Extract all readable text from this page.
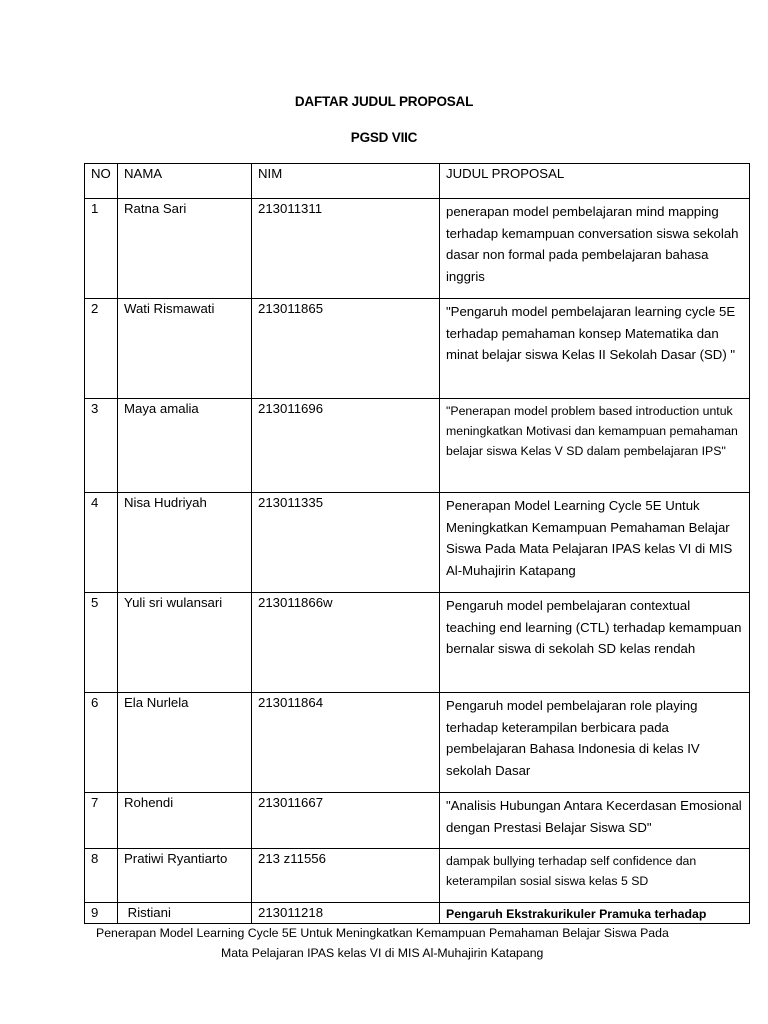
DAFTAR JUDUL PROPOSAL
PGSD VIIC
NO	NAMA	NIM	JUDUL PROPOSAL
1	Ratna Sari	213011311	penerapan model pembelajaran mind mapping terhadap kemampuan conversation siswa sekolah dasar non formal pada pembelajaran bahasa inggris
2	Wati Rismawati	213011865	"Pengaruh model pembelajaran learning cycle 5E terhadap pemahaman konsep Matematika dan minat belajar siswa Kelas II Sekolah Dasar (SD) "
3	Maya amalia	213011696	"Penerapan model problem based introduction untuk meningkatkan Motivasi dan kemampuan pemahaman belajar siswa Kelas V SD dalam pembelajaran IPS"
4	Nisa Hudriyah	213011335	Penerapan Model Learning Cycle 5E Untuk Meningkatkan Kemampuan Pemahaman Belajar Siswa Pada Mata Pelajaran IPAS kelas VI di MIS Al-Muhajirin Katapang
5	Yuli sri wulansari	213011866w	Pengaruh model pembelajaran contextual teaching end learning (CTL) terhadap kemampuan bernalar siswa di sekolah SD kelas rendah
6	Ela Nurlela	213011864	Pengaruh model pembelajaran role playing terhadap keterampilan berbicara pada pembelajaran Bahasa Indonesia di kelas IV sekolah Dasar
7	Rohendi	213011667	"Analisis Hubungan Antara Kecerdasan Emosional dengan Prestasi Belajar Siswa SD"
8	Pratiwi Ryantiarto	213 z11556	dampak bullying terhadap self confidence dan keterampilan sosial siswa kelas 5 SD
9	Ristiani	213011218	Pengaruh Ekstrakurikuler Pramuka terhadap
Penerapan Model Learning Cycle 5E Untuk Meningkatkan Kemampuan Pemahaman Belajar Siswa Pada
Mata Pelajaran IPAS kelas VI di MIS Al-Muhajirin Katapang
